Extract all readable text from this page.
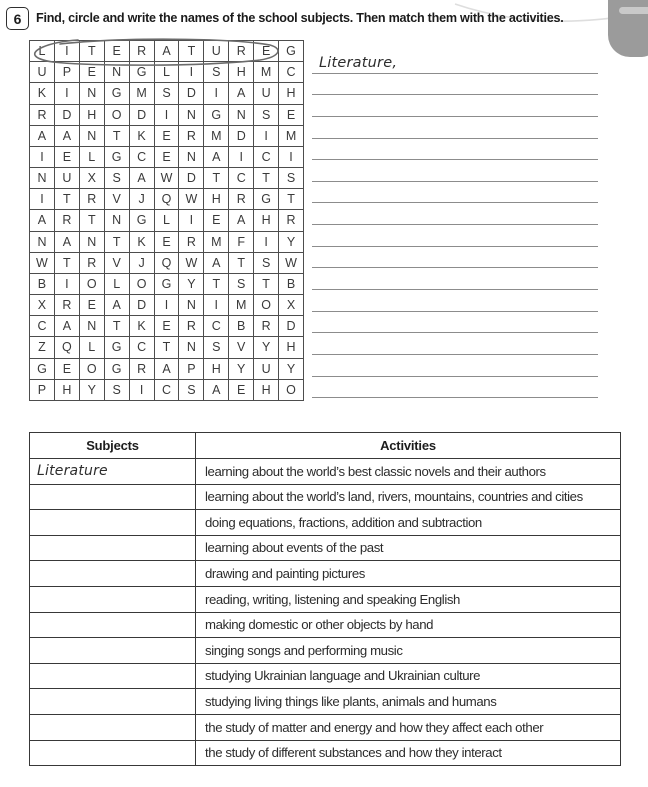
6 Find, circle and write the names of the school subjects. Then match them with the activities.
L	I	T	E	R	A	T	U	R	E	G
U	P	E	N	G	L	I	S	H	M	C
K	I	N	G	M	S	D	I	A	U	H
R	D	H	O	D	I	N	G	N	S	E
A	A	N	T	K	E	R	M	D	I	M
I	E	L	G	C	E	N	A	I	C	I
N	U	X	S	A	W	D	T	C	T	S
I	T	R	V	J	Q	W	H	R	G	T
A	R	T	N	G	L	I	E	A	H	R
N	A	N	T	K	E	R	M	F	I	Y
W	T	R	V	J	Q	W	A	T	S	W
B	I	O	L	O	G	Y	T	S	T	B
X	R	E	A	D	I	N	I	M	O	X
C	A	N	T	K	E	R	C	B	R	D
Z	Q	L	G	C	T	N	S	V	Y	H
G	E	O	G	R	A	P	H	Y	U	Y
P	H	Y	S	I	C	S	A	E	H	O
Literature,
Subjects	Activities
Literature	learning about the world’s best classic novels and their authors
	learning about the world’s land, rivers, mountains, countries and cities
	doing equations, fractions, addition and subtraction
	learning about events of the past
	drawing and painting pictures
	reading, writing, listening and speaking English
	making domestic or other objects by hand
	singing songs and performing music
	studying Ukrainian language and Ukrainian culture
	studying living things like plants, animals and humans
	the study of matter and energy and how they affect each other
	the study of different substances and how they interact
